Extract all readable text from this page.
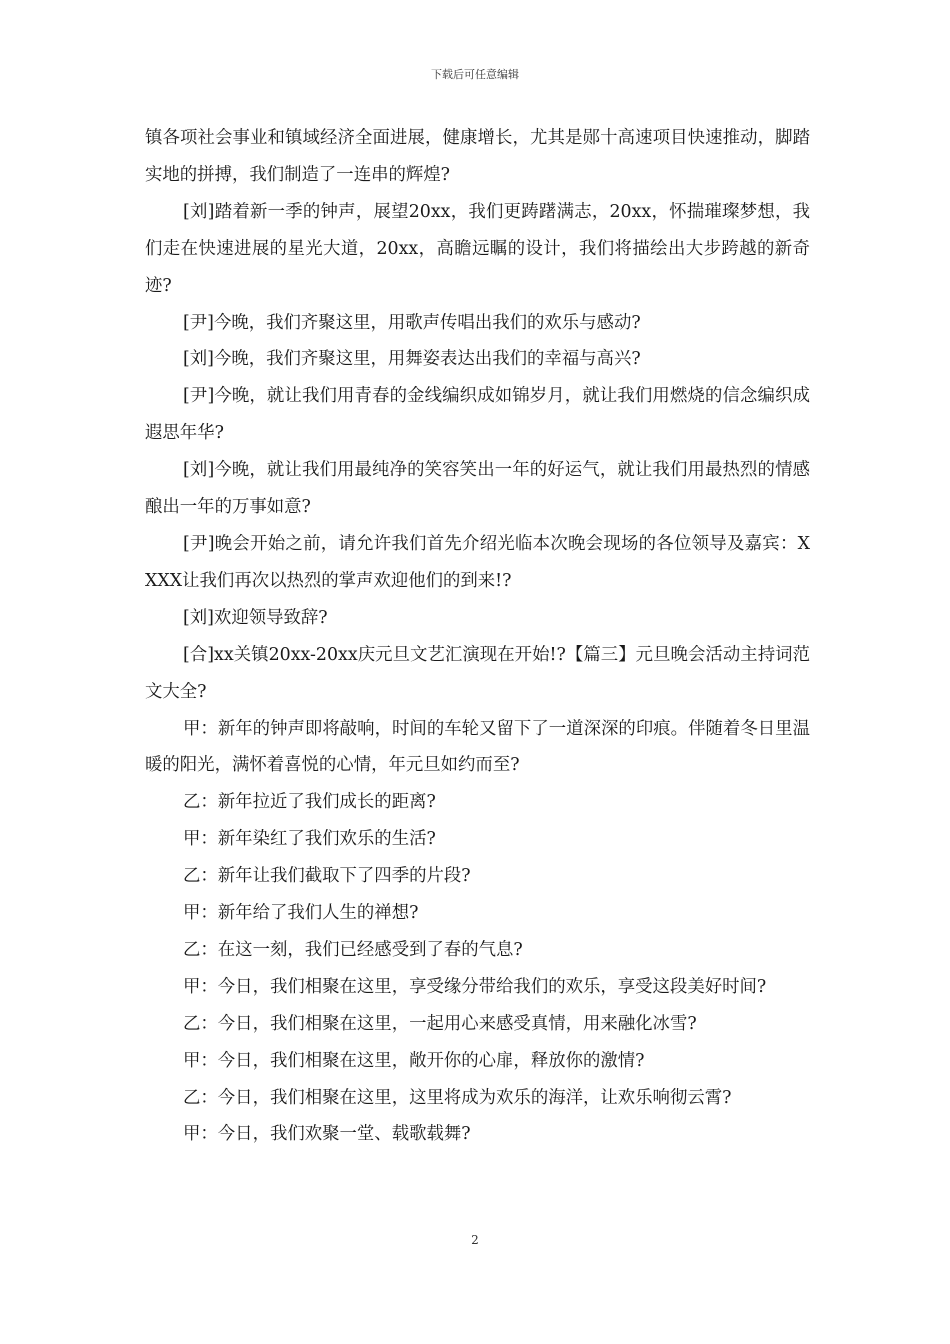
下载后可任意编辑

镇各项社会事业和镇域经济全面进展，健康增长，尤其是郧十高速项目快速推动，脚踏实地的拼搏，我们制造了一连串的辉煌?

[刘]踏着新一季的钟声，展望20xx，我们更踌躇满志，20xx，怀揣璀璨梦想，我们走在快速进展的星光大道，20xx，高瞻远瞩的设计，我们将描绘出大步跨越的新奇迹?

[尹]今晚，我们齐聚这里，用歌声传唱出我们的欢乐与感动?

[刘]今晚，我们齐聚这里，用舞姿表达出我们的幸福与高兴?

[尹]今晚，就让我们用青春的金线编织成如锦岁月，就让我们用燃烧的信念编织成遐思年华?

[刘]今晚，就让我们用最纯净的笑容笑出一年的好运气，就让我们用最热烈的情感酿出一年的万事如意?

[尹]晚会开始之前，请允许我们首先介绍光临本次晚会现场的各位领导及嘉宾：XXXX让我们再次以热烈的掌声欢迎他们的到来!?

[刘]欢迎领导致辞?

[合]xx关镇20xx-20xx庆元旦文艺汇演现在开始!?【篇三】元旦晚会活动主持词范文大全?

甲：新年的钟声即将敲响，时间的车轮又留下了一道深深的印痕。伴随着冬日里温暖的阳光，满怀着喜悦的心情，年元旦如约而至?

乙：新年拉近了我们成长的距离?

甲：新年染红了我们欢乐的生活?

乙：新年让我们截取下了四季的片段?

甲：新年给了我们人生的禅想?

乙：在这一刻，我们已经感受到了春的气息?

甲：今日，我们相聚在这里，享受缘分带给我们的欢乐，享受这段美好时间?

乙：今日，我们相聚在这里，一起用心来感受真情，用来融化冰雪?

甲：今日，我们相聚在这里，敞开你的心扉，释放你的激情?

乙：今日，我们相聚在这里，这里将成为欢乐的海洋，让欢乐响彻云霄?

甲：今日，我们欢聚一堂、载歌载舞?

2
